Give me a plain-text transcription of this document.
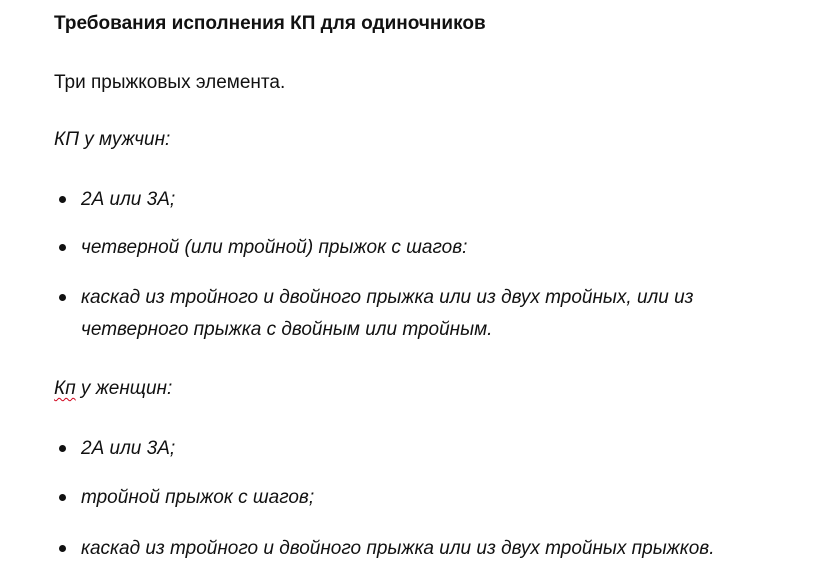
Требования исполнения КП для одиночников

Три прыжковых элемента.

КП у мужчин:

2А или 3А;

четверной (или тройной) прыжок с шагов:

каскад из тройного и двойного прыжка или из двух тройных, или из четверного прыжка с двойным или тройным.

Кп у женщин:

2А или 3А;

тройной прыжок с шагов;

каскад из тройного и двойного прыжка или из двух тройных прыжков.
